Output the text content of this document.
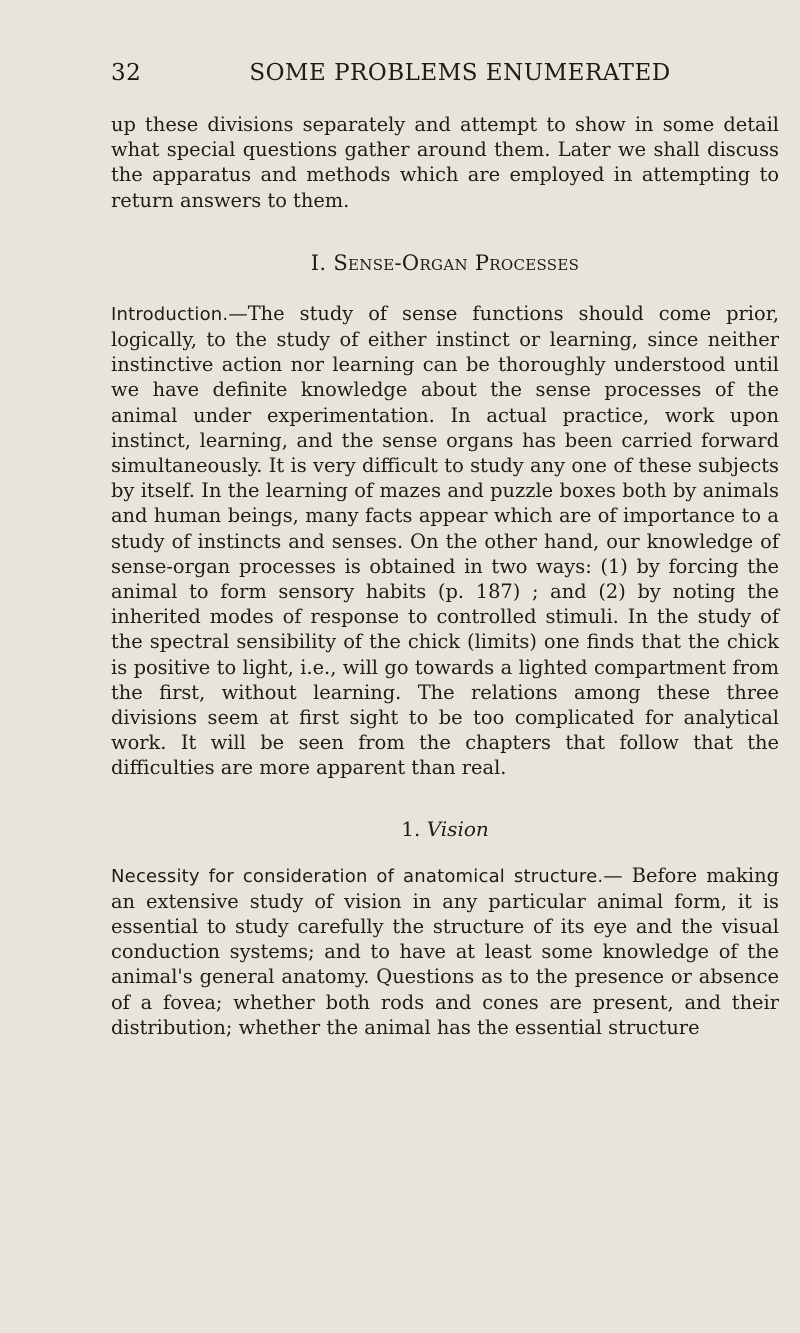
32	SOME PROBLEMS ENUMERATED

up these divisions separately and attempt to show in some detail what special questions gather around them. Later we shall discuss the apparatus and methods which are employed in attempting to return answers to them.

I. Sense-Organ Processes

Introduction.—The study of sense functions should come prior, logically, to the study of either instinct or learning, since neither instinctive action nor learning can be thoroughly understood until we have definite knowledge about the sense processes of the animal under experimentation. In actual practice, work upon instinct, learning, and the sense organs has been carried forward simultaneously. It is very difficult to study any one of these subjects by itself. In the learning of mazes and puzzle boxes both by animals and human beings, many facts appear which are of importance to a study of instincts and senses. On the other hand, our knowledge of sense-organ processes is obtained in two ways: (1) by forcing the animal to form sensory habits (p. 187) ; and (2) by noting the inherited modes of response to controlled stimuli. In the study of the spectral sensibility of the chick (limits) one finds that the chick is positive to light, i.e., will go towards a lighted compartment from the first, without learning. The relations among these three divisions seem at first sight to be too complicated for analytical work. It will be seen from the chapters that follow that the difficulties are more apparent than real.

1. Vision

Necessity for consideration of anatomical structure.— Before making an extensive study of vision in any particular animal form, it is essential to study carefully the structure of its eye and the visual conduction systems; and to have at least some knowledge of the animal's general anatomy. Questions as to the presence or absence of a fovea; whether both rods and cones are present, and their distribution; whether the animal has the essential structure
